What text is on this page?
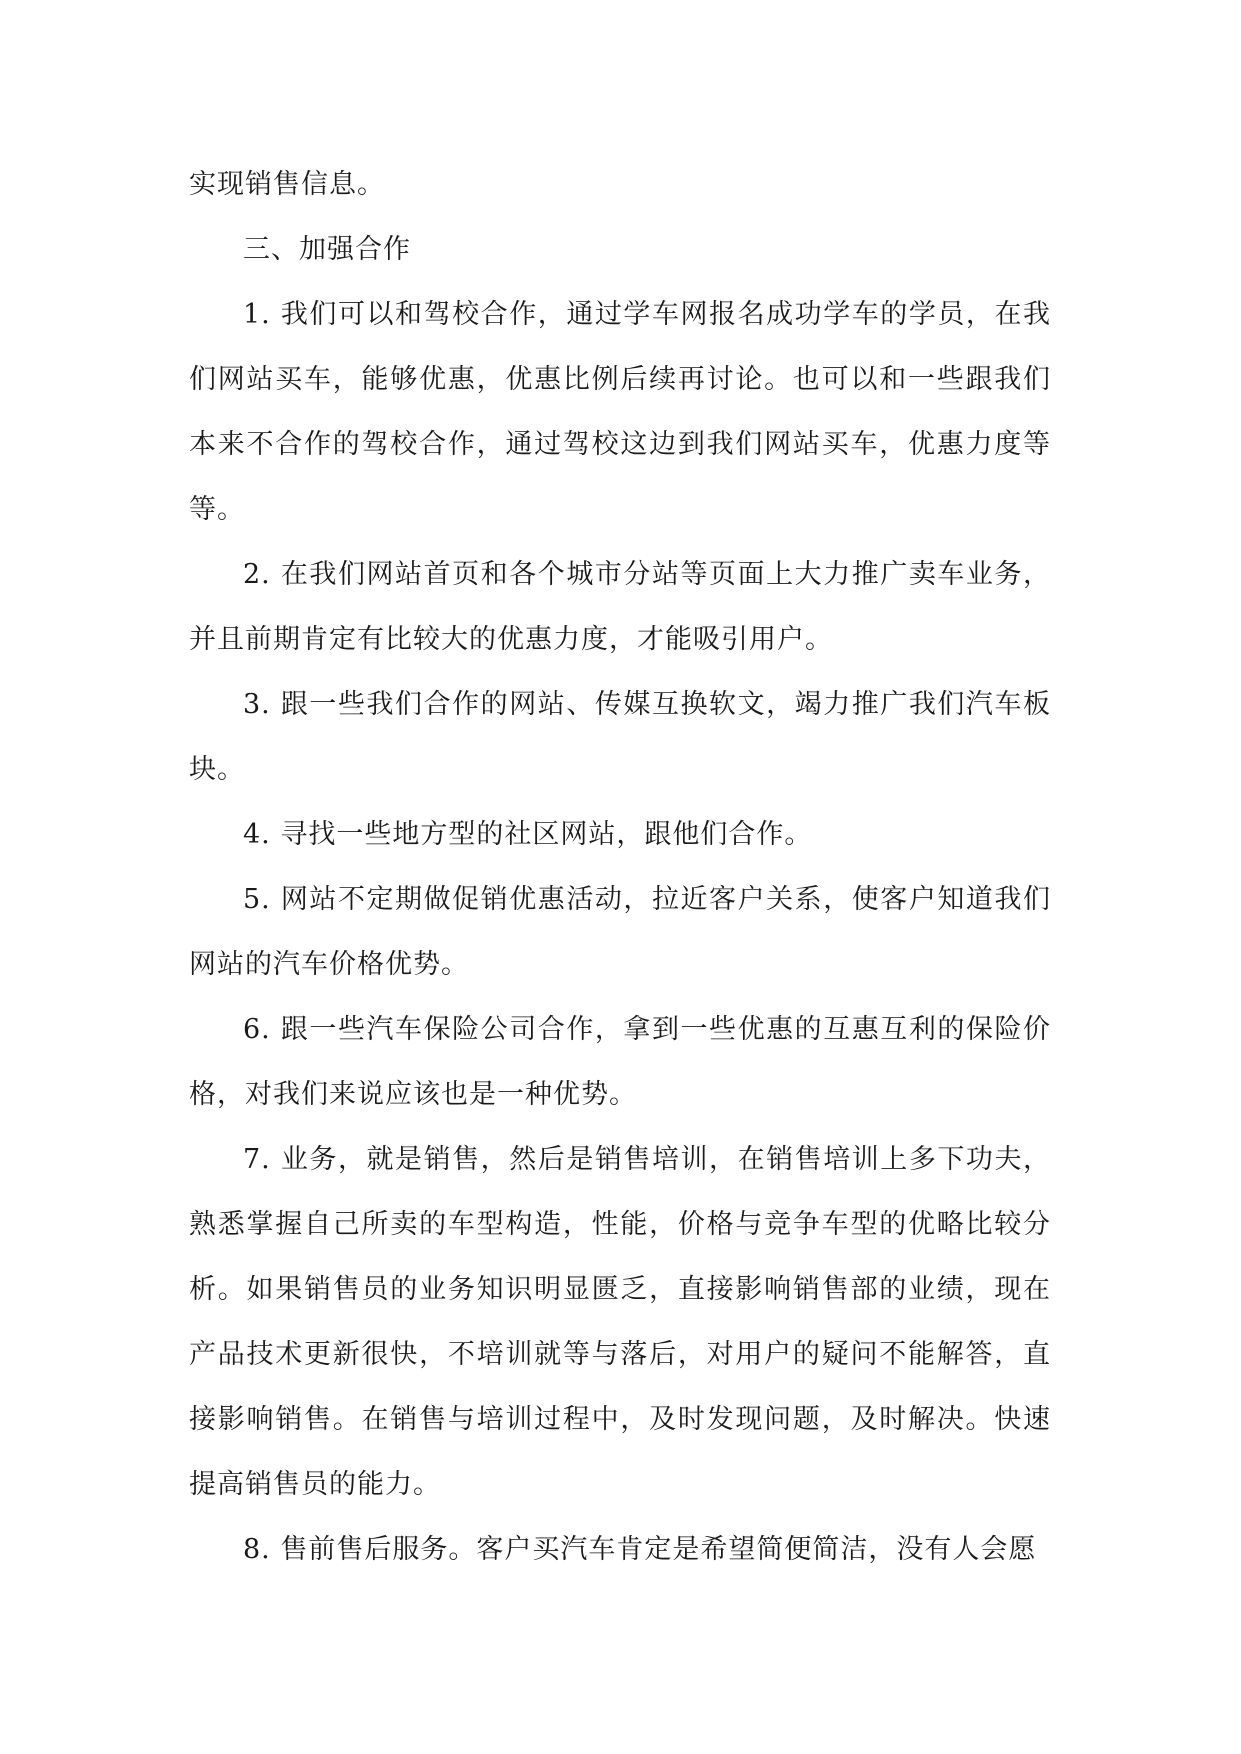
实现销售信息。

三、加强合作

1. 我们可以和驾校合作，通过学车网报名成功学车的学员，在我们网站买车，能够优惠，优惠比例后续再讨论。也可以和一些跟我们本来不合作的驾校合作，通过驾校这边到我们网站买车，优惠力度等等。

2. 在我们网站首页和各个城市分站等页面上大力推广卖车业务，并且前期肯定有比较大的优惠力度，才能吸引用户。

3. 跟一些我们合作的网站、传媒互换软文，竭力推广我们汽车板块。

4. 寻找一些地方型的社区网站，跟他们合作。

5. 网站不定期做促销优惠活动，拉近客户关系，使客户知道我们网站的汽车价格优势。

6. 跟一些汽车保险公司合作，拿到一些优惠的互惠互利的保险价格，对我们来说应该也是一种优势。

7. 业务，就是销售，然后是销售培训，在销售培训上多下功夫，熟悉掌握自己所卖的车型构造，性能，价格与竞争车型的优略比较分析。如果销售员的业务知识明显匮乏，直接影响销售部的业绩，现在产品技术更新很快，不培训就等与落后，对用户的疑问不能解答，直接影响销售。在销售与培训过程中，及时发现问题，及时解决。快速提高销售员的能力。

8. 售前售后服务。客户买汽车肯定是希望简便简洁，没有人会愿
